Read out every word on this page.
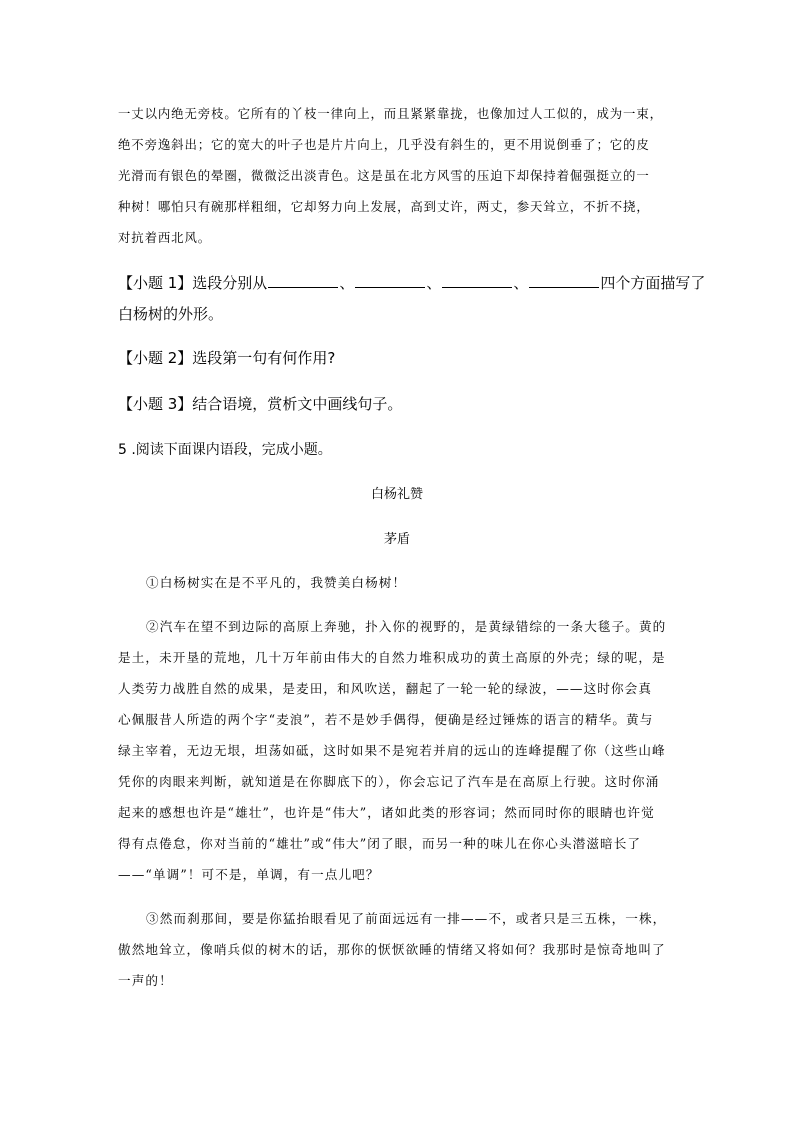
一丈以内绝无旁枝。它所有的丫枝一律向上，而且紧紧靠拢，也像加过人工似的，成为一束，
绝不旁逸斜出；它的宽大的叶子也是片片向上，几乎没有斜生的，更不用说倒垂了；它的皮
光滑而有银色的晕圈，微微泛出淡青色。这是虽在北方风雪的压迫下却保持着倔强挺立的一
种树！哪怕只有碗那样粗细，它却努力向上发展，高到丈许，两丈，参天耸立，不折不挠，
对抗着西北风。
【小题 1】选段分别从	、	、	、	四个方面描写了
白杨树的外形。
【小题 2】选段第一句有何作用?
【小题 3】结合语境，赏析文中画线句子。
5 .阅读下面课内语段，完成小题。
白杨礼赞
茅盾
①白杨树实在是不平凡的，我赞美白杨树！
②汽车在望不到边际的高原上奔驰，扑入你的视野的，是黄绿错综的一条大毯子。黄的
是土，未开垦的荒地，几十万年前由伟大的自然力堆积成功的黄土高原的外壳；绿的呢，是
人类劳力战胜自然的成果，是麦田，和风吹送，翻起了一轮一轮的绿波，——这时你会真
心佩服昔人所造的两个字“麦浪”，若不是妙手偶得，便确是经过锤炼的语言的精华。黄与
绿主宰着，无边无垠，坦荡如砥，这时如果不是宛若并肩的远山的连峰提醒了你（这些山峰
凭你的肉眼来判断，就知道是在你脚底下的），你会忘记了汽车是在高原上行驶。这时你涌
起来的感想也许是“雄壮”，也许是“伟大”，诸如此类的形容词；然而同时你的眼睛也许觉
得有点倦怠，你对当前的“雄壮”或“伟大”闭了眼，而另一种的味儿在你心头潜滋暗长了
——“单调”！可不是，单调，有一点儿吧？
③然而刹那间，要是你猛抬眼看见了前面远远有一排——不，或者只是三五株，一株，
傲然地耸立，像哨兵似的树木的话，那你的恹恹欲睡的情绪又将如何？我那时是惊奇地叫了
一声的！
